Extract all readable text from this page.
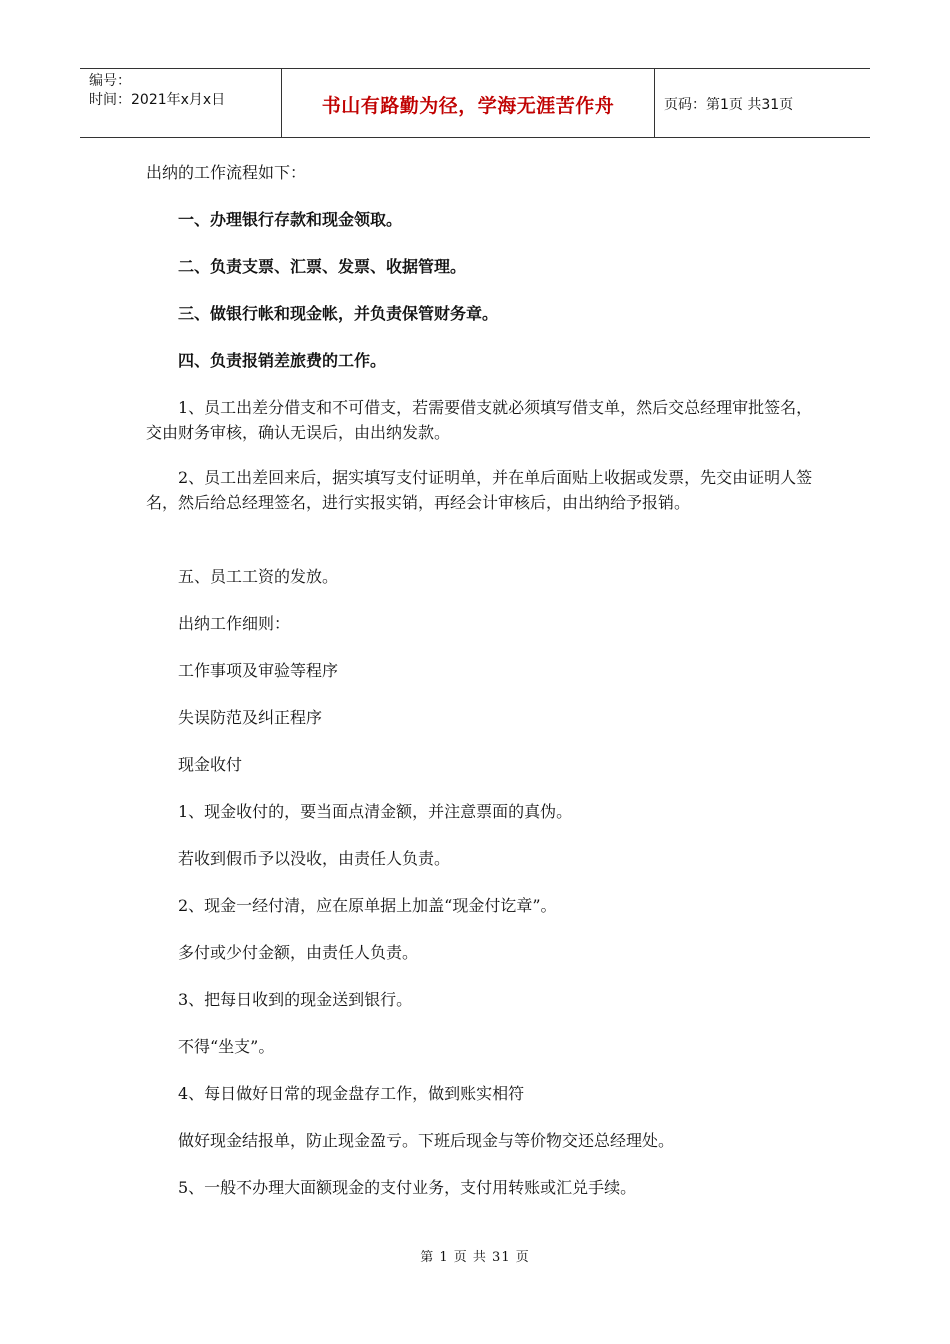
编号：
时间：2021年x月x日	书山有路勤为径，学海无涯苦作舟	页码：第1页 共31页

出纳的工作流程如下：

　　一、办理银行存款和现金领取。

　　二、负责支票、汇票、发票、收据管理。

　　三、做银行帐和现金帐，并负责保管财务章。

　　四、负责报销差旅费的工作。

　　1、员工出差分借支和不可借支，若需要借支就必须填写借支单，然后交总经理审批签名，交由财务审核，确认无误后，由出纳发款。

　　2、员工出差回来后，据实填写支付证明单，并在单后面贴上收据或发票，先交由证明人签名，然后给总经理签名，进行实报实销，再经会计审核后，由出纳给予报销。

　　五、员工工资的发放。

　　出纳工作细则：

　　工作事项及审验等程序

　　失误防范及纠正程序

　　现金收付

　　1、现金收付的，要当面点清金额，并注意票面的真伪。

　　若收到假币予以没收，由责任人负责。

　　2、现金一经付清，应在原单据上加盖“现金付讫章”。

　　多付或少付金额，由责任人负责。

　　3、把每日收到的现金送到银行。

　　不得“坐支”。

　　4、每日做好日常的现金盘存工作，做到账实相符

　　做好现金结报单，防止现金盈亏。下班后现金与等价物交还总经理处。

　　5、一般不办理大面额现金的支付业务，支付用转账或汇兑手续。

第 1 页 共 31 页
